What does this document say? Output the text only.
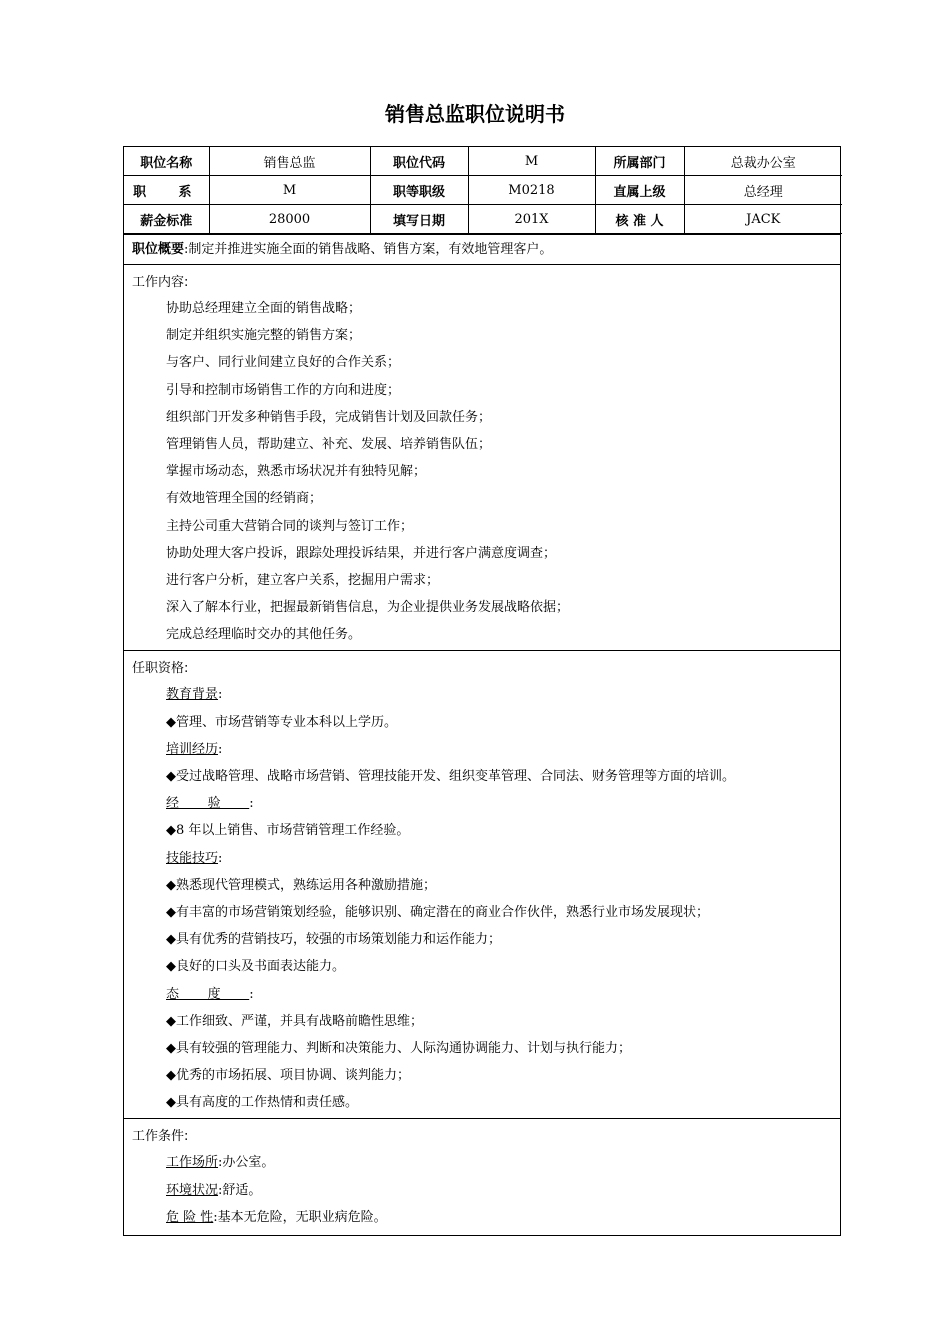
销售总监职位说明书
职位名称	销售总监	职位代码	M	所属部门	总裁办公室
职  系	M	职等职级	M0218	直属上级	总经理
薪金标准	28000	填写日期	201X	核 准 人	JACK
职位概要:制定并推进实施全面的销售战略、销售方案，有效地管理客户。
工作内容:
协助总经理建立全面的销售战略；
制定并组织实施完整的销售方案；
与客户、同行业间建立良好的合作关系；
引导和控制市场销售工作的方向和进度；
组织部门开发多种销售手段，完成销售计划及回款任务；
管理销售人员，帮助建立、补充、发展、培养销售队伍；
掌握市场动态，熟悉市场状况并有独特见解；
有效地管理全国的经销商；
主持公司重大营销合同的谈判与签订工作；
协助处理大客户投诉，跟踪处理投诉结果，并进行客户满意度调查；
进行客户分析，建立客户关系，挖掘用户需求；
深入了解本行业，把握最新销售信息，为企业提供业务发展战略依据；
完成总经理临时交办的其他任务。
任职资格:
教育背景:
◆管理、市场营销等专业本科以上学历。
培训经历:
◆受过战略管理、战略市场营销、管理技能开发、组织变革管理、合同法、财务管理等方面的培训。
经验:
◆8 年以上销售、市场营销管理工作经验。
技能技巧:
◆熟悉现代管理模式，熟练运用各种激励措施；
◆有丰富的市场营销策划经验，能够识别、确定潜在的商业合作伙伴，熟悉行业市场发展现状；
◆具有优秀的营销技巧，较强的市场策划能力和运作能力；
◆良好的口头及书面表达能力。
态度:
◆工作细致、严谨，并具有战略前瞻性思维；
◆具有较强的管理能力、判断和决策能力、人际沟通协调能力、计划与执行能力；
◆优秀的市场拓展、项目协调、谈判能力；
◆具有高度的工作热情和责任感。
工作条件:
工作场所:办公室。
环境状况:舒适。
危 险 性:基本无危险，无职业病危险。
